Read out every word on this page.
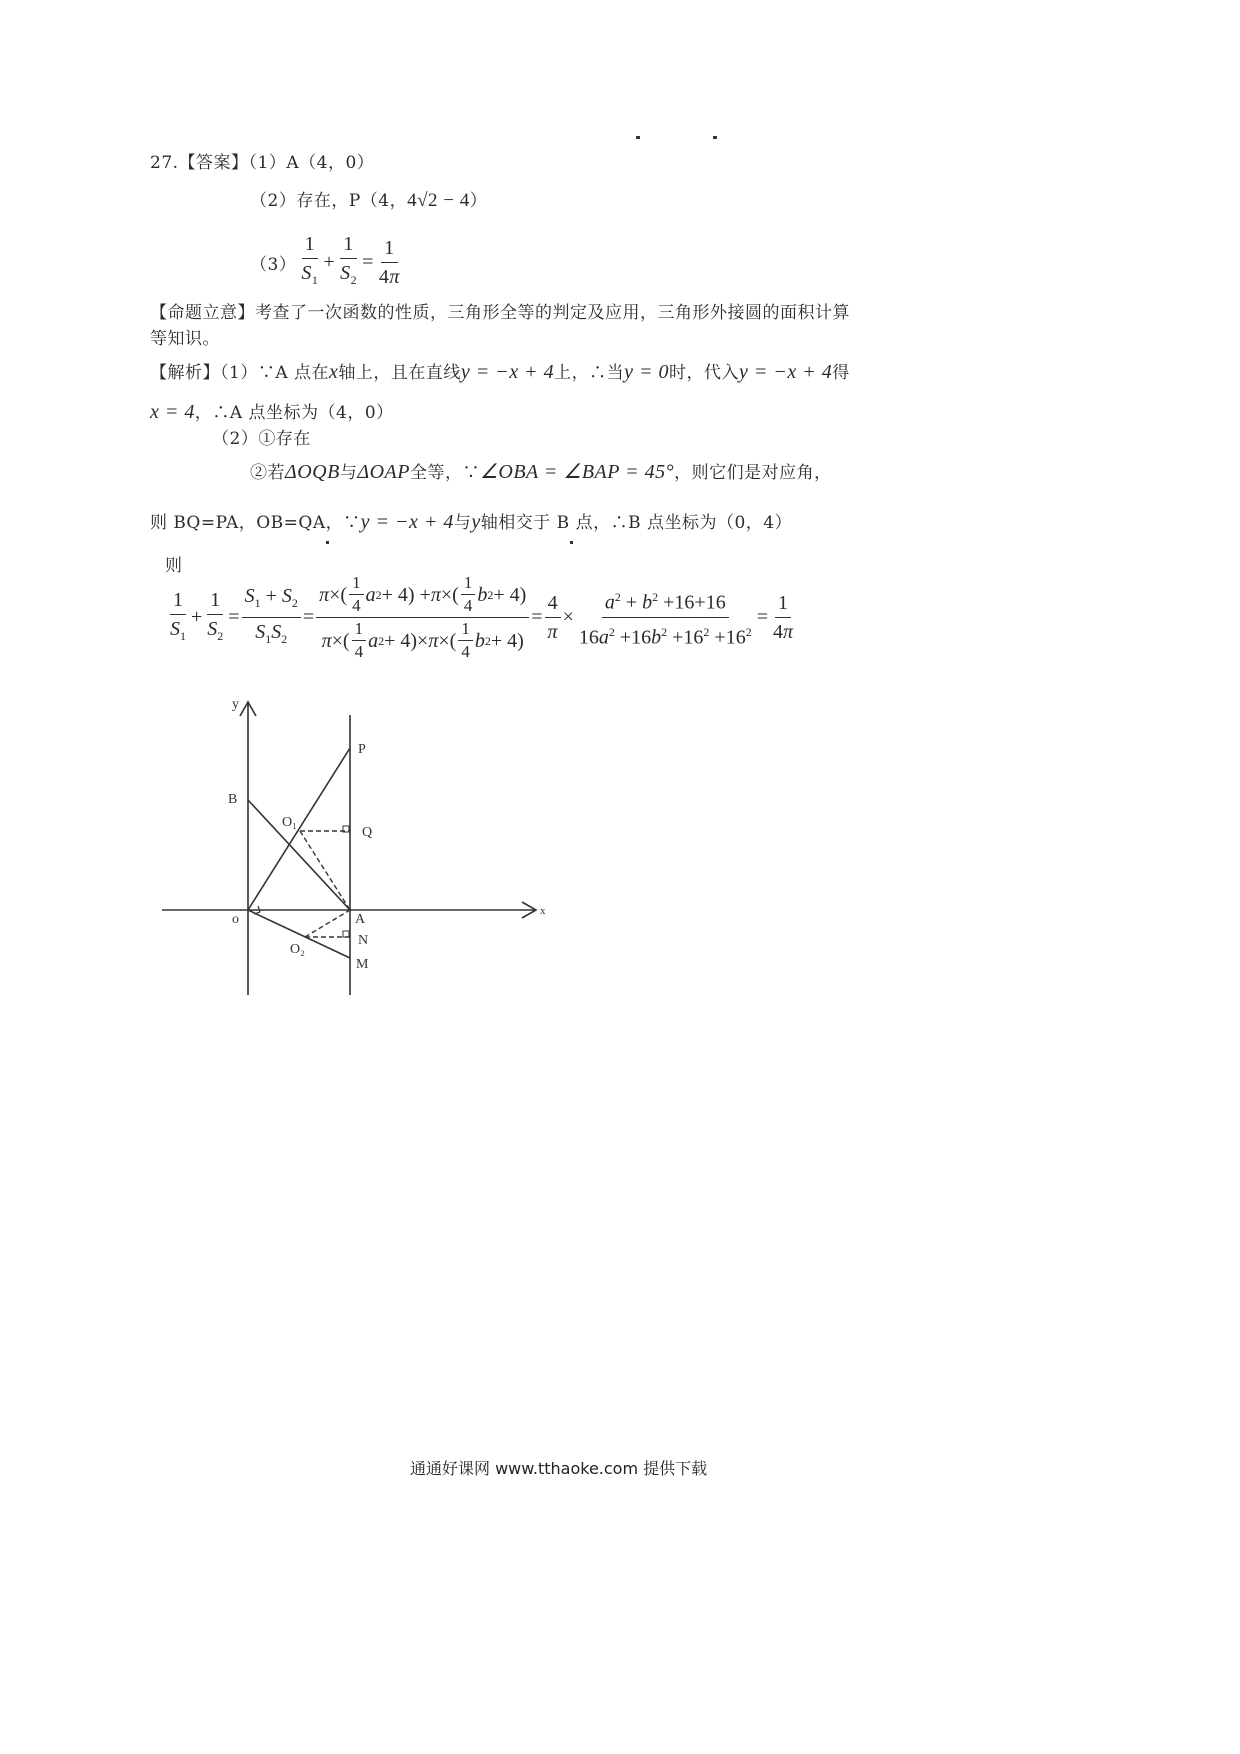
27.【答案】（1）A（4，0）
（2）存在，P（4，4√2 − 4）
$(3) \frac{1}{S_1} + \frac{1}{S_2} = \frac{1}{4\pi}$
【命题立意】考查了一次函数的性质，三角形全等的判定及应用，三角形外接圆的面积计算
等知识。
【解析】（1）∵A 点在x轴上，且在直线y = −x + 4上，∴当y = 0时，代入y = −x + 4得
x = 4，∴A 点坐标为（4，0）
（2）①存在
②若ΔOQB与ΔOAP全等，∵∠OBA = ∠BAP = 45°，则它们是对应角，
则 BQ=PA，OB=QA，∵y = −x + 4与y轴相交于 B 点，∴B 点坐标为（0，4）
则
$\frac{1}{S_1} + \frac{1}{S_2} = \frac{S_1 + S_2}{S_1S_2} = \frac{\pi \times( \frac{1}{4} a 2 + 4) + \pi \times( \frac{1}{4} b 2 + 4)}{\pi \times( \frac{1}{4} a 2 + 4)\times \pi \times( \frac{1}{4} b 2 + 4)} = \frac{4}{\pi} \times \frac{a^2 + b^2 +16+16}{16a^2 +16b^2 +16^2 +16^2} = \frac{1}{4\pi}$
y
x
o
B
P
Q
A
N
M
O₁
O₂
通通好课网 www.tthaoke.com 提供下载
